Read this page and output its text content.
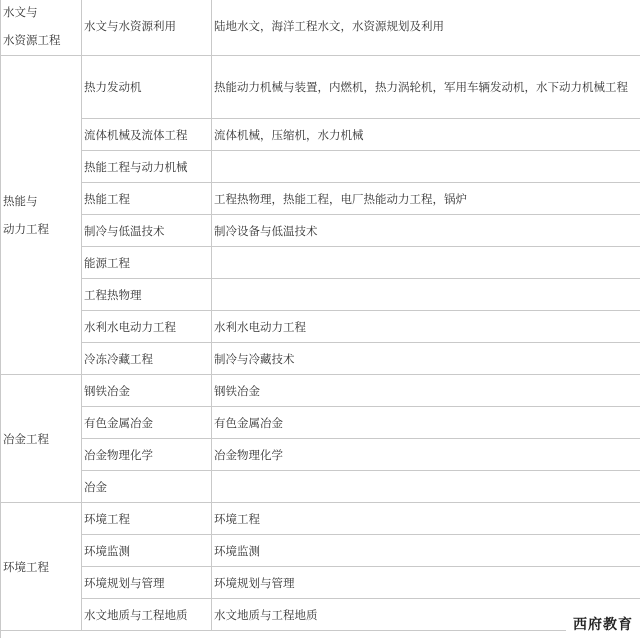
水文与
水资源工程	水文与水资源利用	陆地水文，海洋工程水文，水资源规划及利用
热能与
动力工程	热力发动机	热能动力机械与装置，内燃机，热力涡轮机，军用车辆发动机，水下动力机械工程
	流体机械及流体工程	流体机械，压缩机，水力机械
	热能工程与动力机械	
	热能工程	工程热物理，热能工程，电厂热能动力工程，锅炉
	制冷与低温技术	制冷设备与低温技术
	能源工程	
	工程热物理	
	水利水电动力工程	水利水电动力工程
	冷冻冷藏工程	制冷与冷藏技术
冶金工程	钢铁冶金	钢铁冶金
	有色金属冶金	有色金属冶金
	冶金物理化学	冶金物理化学
	冶金	
环境工程	环境工程	环境工程
	环境监测	环境监测
	环境规划与管理	环境规划与管理
	水文地质与工程地质	水文地质与工程地质
西府教育
